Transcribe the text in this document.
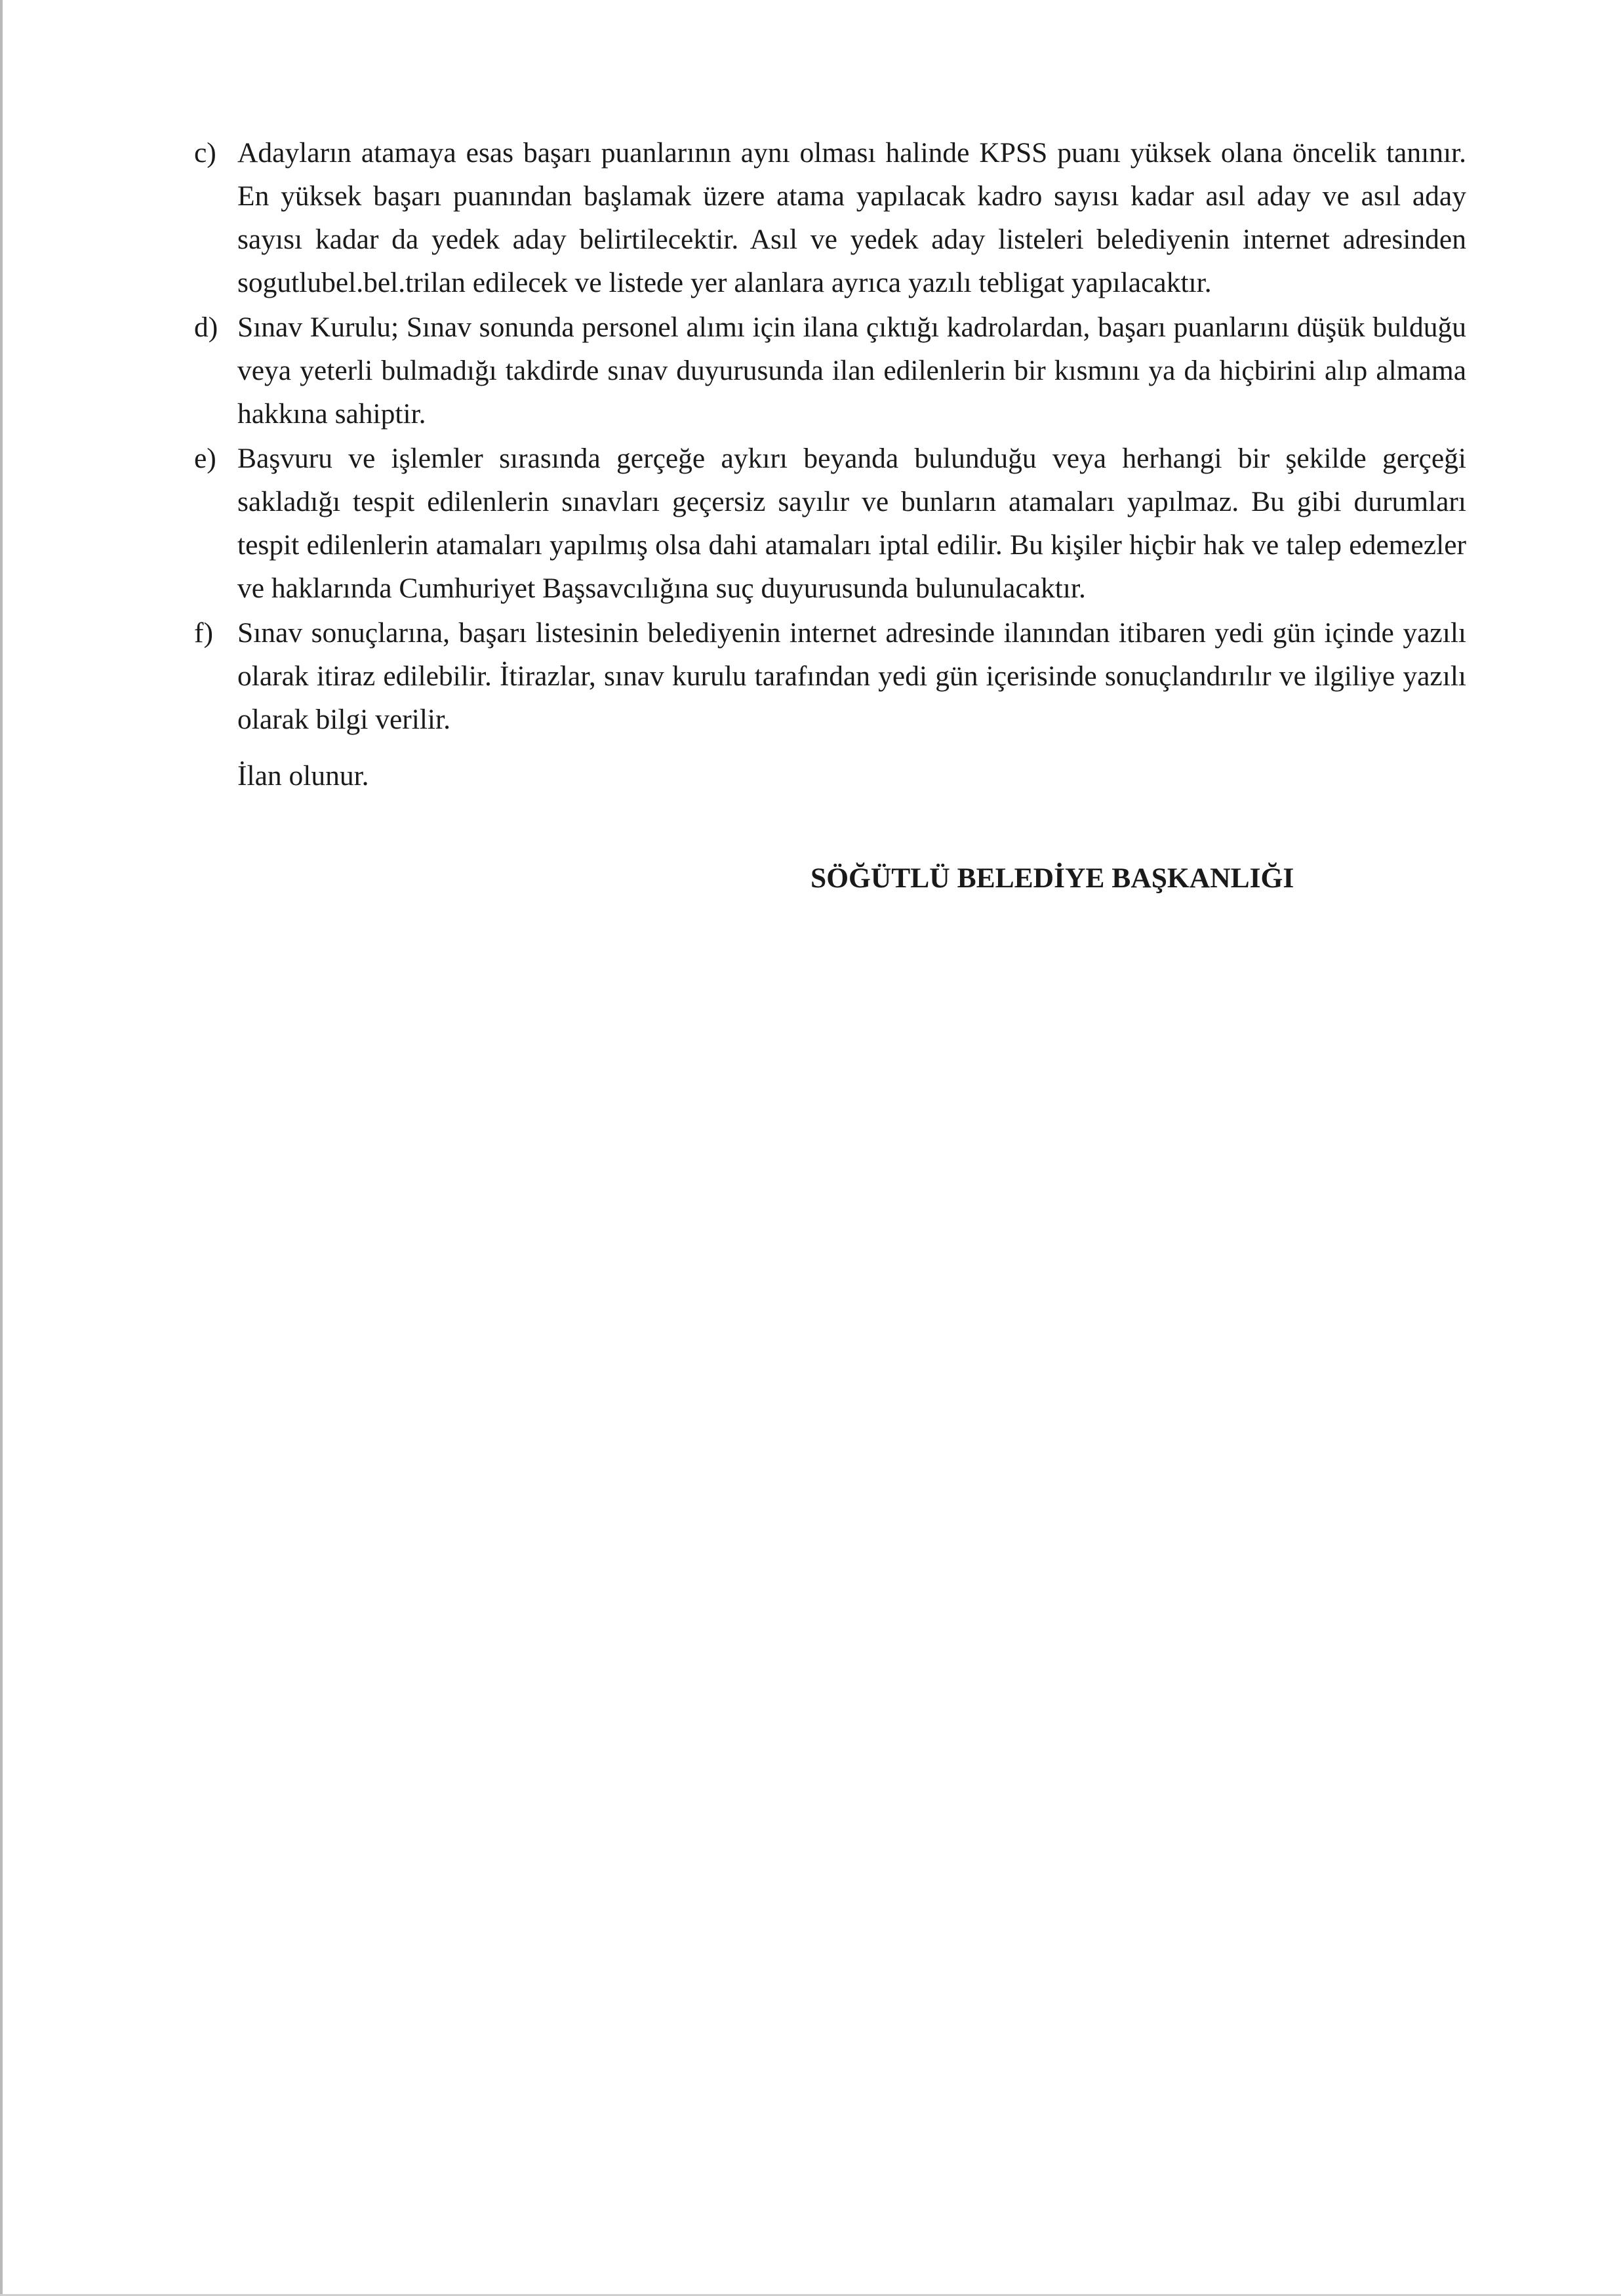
c) Adayların atamaya esas başarı puanlarının aynı olması halinde KPSS puanı yüksek olana öncelik tanınır. En yüksek başarı puanından başlamak üzere atama yapılacak kadro sayısı kadar asıl aday ve asıl aday sayısı kadar da yedek aday belirtilecektir. Asıl ve yedek aday listeleri belediyenin internet adresinden sogutlubel.bel.trilan edilecek ve listede yer alanlara ayrıca yazılı tebligat yapılacaktır.

d) Sınav Kurulu; Sınav sonunda personel alımı için ilana çıktığı kadrolardan, başarı puanlarını düşük bulduğu veya yeterli bulmadığı takdirde sınav duyurusunda ilan edilenlerin bir kısmını ya da hiçbirini alıp almama hakkına sahiptir.

e) Başvuru ve işlemler sırasında gerçeğe aykırı beyanda bulunduğu veya herhangi bir şekilde gerçeği sakladığı tespit edilenlerin sınavları geçersiz sayılır ve bunların atamaları yapılmaz. Bu gibi durumları tespit edilenlerin atamaları yapılmış olsa dahi atamaları iptal edilir. Bu kişiler hiçbir hak ve talep edemezler ve haklarında Cumhuriyet Başsavcılığına suç duyurusunda bulunulacaktır.

f) Sınav sonuçlarına, başarı listesinin belediyenin internet adresinde ilanından itibaren yedi gün içinde yazılı olarak itiraz edilebilir. İtirazlar, sınav kurulu tarafından yedi gün içerisinde sonuçlandırılır ve ilgiliye yazılı olarak bilgi verilir.

İlan olunur.
SÖĞÜTLÜ BELEDİYE BAŞKANLIĞI
